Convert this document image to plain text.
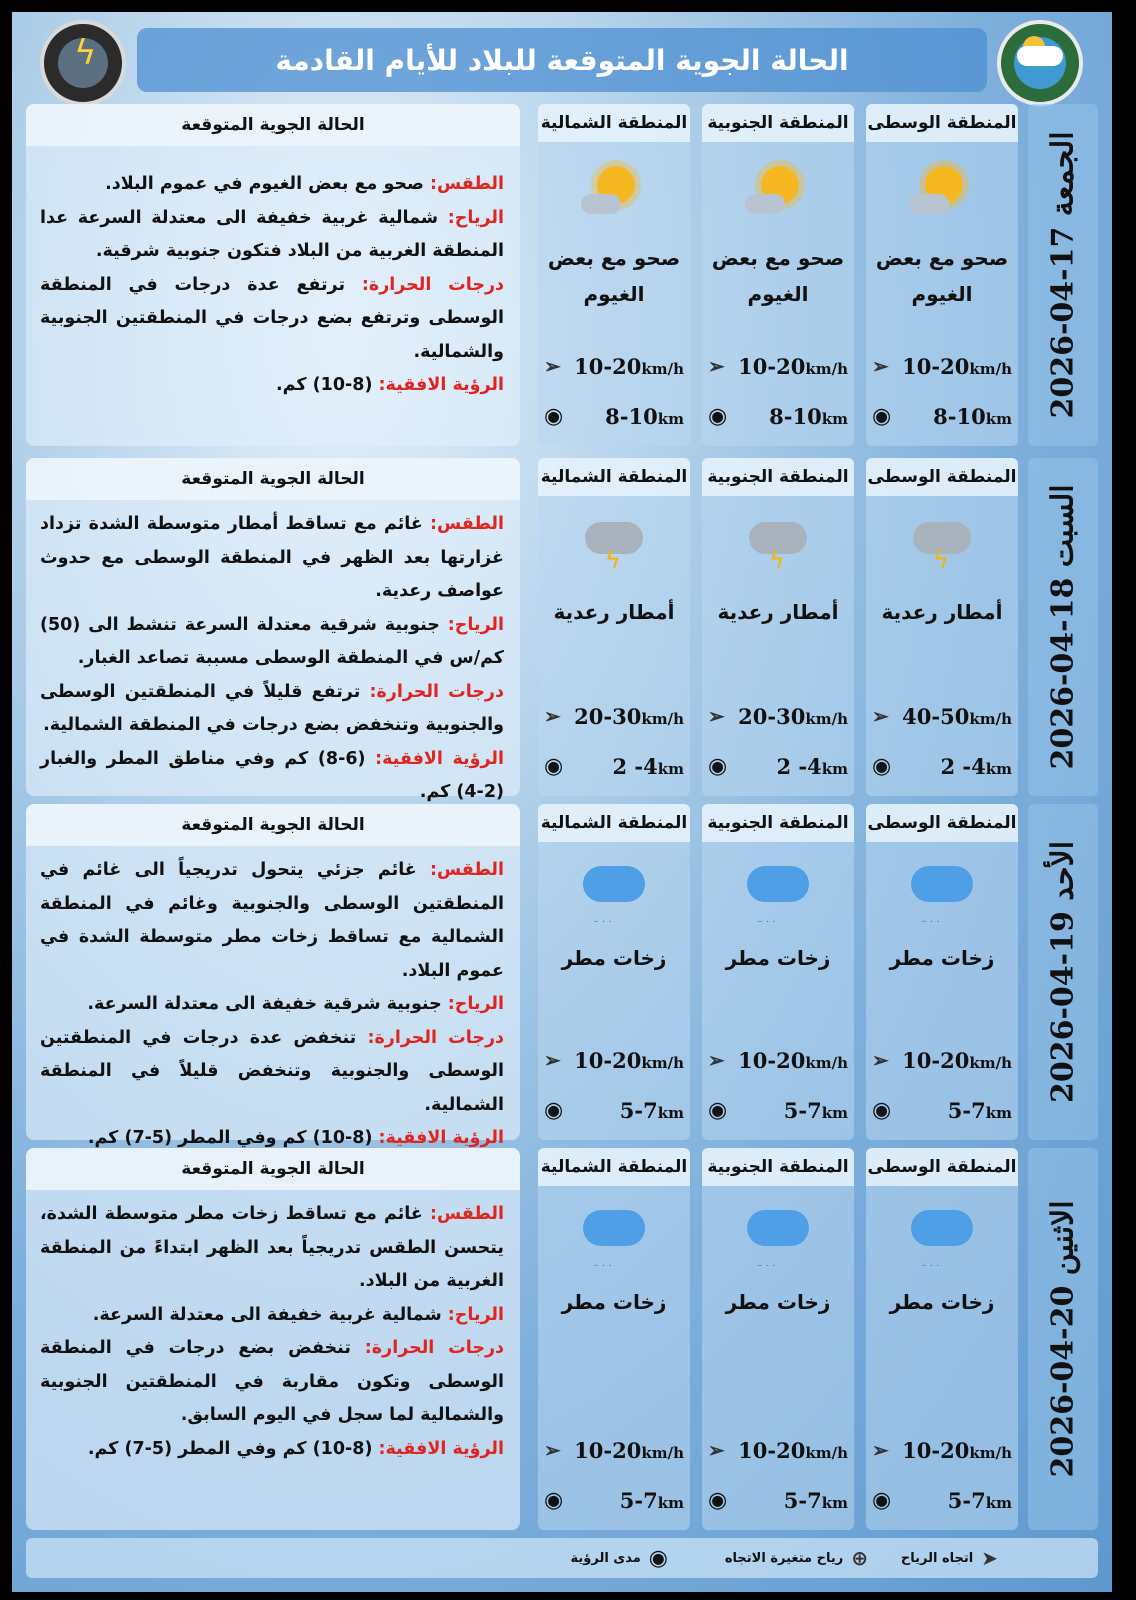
ϟ	الحالة الجوية المتوقعة للبلاد للأيام القادمة
2026-04-17 الجمعة
الحالة الجوية المتوقعة
الطقس: صحو مع بعض الغيوم في عموم البلاد.
الرياح: شمالية غربية خفيفة الى معتدلة السرعة عدا المنطقة الغربية من البلاد فتكون جنوبية شرقية.
درجات الحرارة: ترتفع عدة درجات في المنطقة الوسطى وترتفع بضع درجات في المنطقتين الجنوبية والشمالية.
الرؤية الافقية: (8-10) كم.
المنطقة الوسطى
صحو مع بعض الغيوم
➢ 10-20km/h
◉ 8-10km
المنطقة الجنوبية
صحو مع بعض الغيوم
➢ 10-20km/h
◉ 8-10km
المنطقة الشمالية
صحو مع بعض الغيوم
➢ 10-20km/h
◉ 8-10km
2026-04-18 السبت
الحالة الجوية المتوقعة
الطقس: غائم مع تساقط أمطار متوسطة الشدة تزداد غزارتها بعد الظهر في المنطقة الوسطى مع حدوث عواصف رعدية.
الرياح: جنوبية شرقية معتدلة السرعة تنشط الى (50) كم/س في المنطقة الوسطى مسببة تصاعد الغبار.
درجات الحرارة: ترتفع قليلاً في المنطقتين الوسطى والجنوبية وتنخفض بضع درجات في المنطقة الشمالية.
الرؤية الافقية: (6-8) كم وفي مناطق المطر والغبار (2-4) كم.
المنطقة الوسطى
ϟ
أمطار رعدية
➢ 40-50km/h
◉ 2 -4km
المنطقة الجنوبية
ϟ
أمطار رعدية
➢ 20-30km/h
◉ 2 -4km
المنطقة الشمالية
ϟ
أمطار رعدية
➢ 20-30km/h
◉ 2 -4km
2026-04-19 الأحد
الحالة الجوية المتوقعة
الطقس: غائم جزئي يتحول تدريجياً الى غائم في المنطقتين الوسطى والجنوبية وغائم في المنطقة الشمالية مع تساقط زخات مطر متوسطة الشدة في عموم البلاد.
الرياح: جنوبية شرقية خفيفة الى معتدلة السرعة.
درجات الحرارة: تنخفض عدة درجات في المنطقتين الوسطى والجنوبية وتنخفض قليلاً في المنطقة الشمالية.
الرؤية الافقية: (8-10) كم وفي المطر (5-7) كم.
المنطقة الوسطى
ׅ ׅ ׅ ׅ
زخات مطر
➢ 10-20km/h
◉	5-7km
المنطقة الجنوبية
ׅ ׅ ׅ ׅ
زخات مطر
➢ 10-20km/h
◉	5-7km
المنطقة الشمالية
ׅ ׅ ׅ ׅ
زخات مطر
➢ 10-20km/h
◉	5-7km
2026-04-20 الاثنين
الحالة الجوية المتوقعة
الطقس: غائم مع تساقط زخات مطر متوسطة الشدة، يتحسن الطقس تدريجياً بعد الظهر ابتداءً من المنطقة الغربية من البلاد.
الرياح: شمالية غربية خفيفة الى معتدلة السرعة.
درجات الحرارة: تنخفض بضع درجات في المنطقة الوسطى وتكون مقاربة في المنطقتين الجنوبية والشمالية لما سجل في اليوم السابق.
الرؤية الافقية: (8-10) كم وفي المطر (5-7) كم.
المنطقة الوسطى
ׅ ׅ ׅ ׅ
زخات مطر
➢ 10-20km/h
◉	5-7km
المنطقة الجنوبية
ׅ ׅ ׅ ׅ
زخات مطر
➢ 10-20km/h
◉	5-7km
المنطقة الشمالية
ׅ ׅ ׅ ׅ
زخات مطر
➢ 10-20km/h
◉	5-7km
➤
اتجاه الرياح
⊕
رياح متغيرة الاتجاه
◉
مدى الرؤية
